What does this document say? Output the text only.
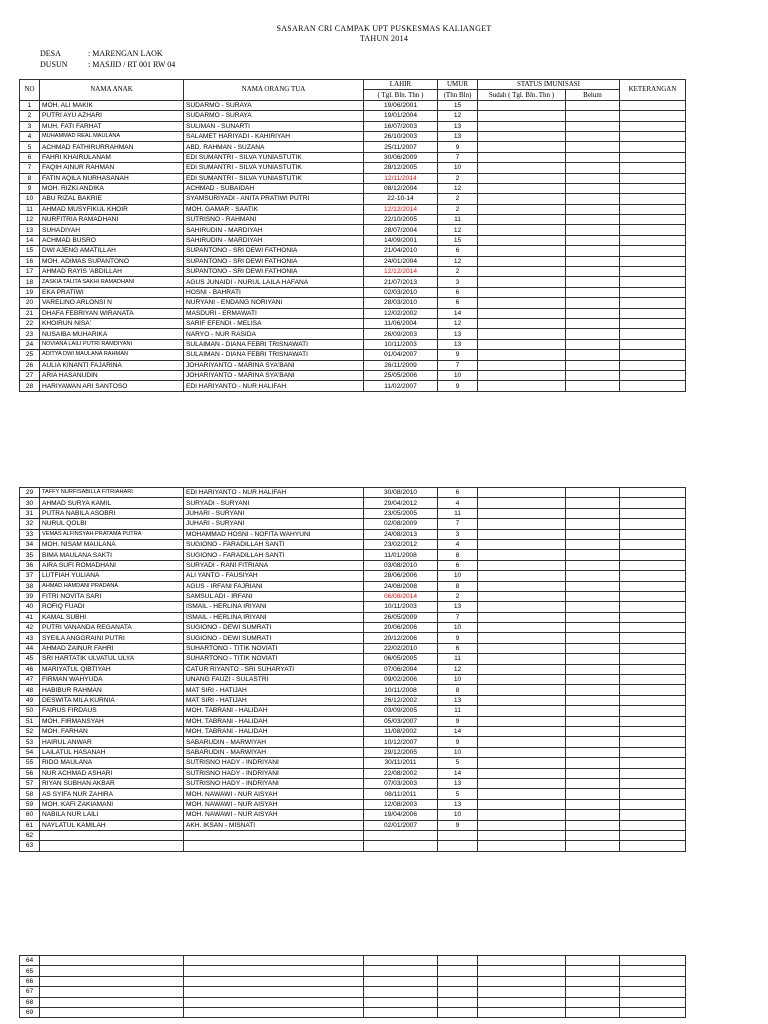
SASARAN CRI CAMPAK UPT PUSKESMAS KALIANGET
TAHUN 2014
DESA	: MARENGAN LAOK
DUSUN	: MASJID / RT 001 RW 04
NO	NAMA ANAK	NAMA ORANG TUA	LAHIR	UMUR	STATUS IMUNISASI		KETERANGAN
			( Tgl. Bln. Thn )	(Thn Bln)	Sudah ( Tgl. Bln. Thn )	Belum	
1	MOH. ALI MAKIK	SUDARMO - SURAYA	19/06/2001	15			
2	PUTRI AYU AZHARI	SUDARMO - SURAYA	19/01/2004	12			
3	MUH. FATI FARHAT	SULIMAN - SUNARTI	16/07/2003	13			
4	MUHAMMAD REAL MAULANA	SALAMET HARIYADI - KAHIRIYAH	26/10/2003	13			
5	ACHMAD FATHIRURRAHMAN	ABD. RAHMAN - SUZANA	25/11/2007	9			
6	FAHRI KHAIRULANAM	EDI SUMANTRI - SILVA YUNIASTUTIK	30/06/2009	7			
7	FAQIH AINUR RAHMAN	EDI SUMANTRI - SILVA YUNIASTUTIK	28/12/2005	10			
8	FATIN AQILA NURHASANAH	EDI SUMANTRI - SILVA YUNIASTUTIK	12/11/2014	2			
9	MOH. RIZKI ANDIKA	ACHMAD - SUBAIDAH	08/12/2004	12			
10	ABU RIZAL BAKRIE	SYAMSURIYADI - ANITA PRATIWI PUTRI	22-10-14	2			
11	AHMAD MUSYFIKUL KHOIR	MOH. GAMAR - SAATIK	12/12/2014	2			
12	NURFITRIA RAMADHANI	SUTRISNO - RAHMANI	22/10/2005	11			
13	SUHADIYAH	SAHIRUDIN - MARDIYAH	28/07/2004	12			
14	ACHMAD BUSRO	SAHIRUDIN - MARDIYAH	14/09/2001	15			
15	DWI AJENG AMATILLAH	SUPANTONO - SRI DEWI FATHONIA	21/04/2010	6			
16	MOH. ADIMAS SUPANTONO	SUPANTONO - SRI DEWI FATHONIA	24/01/2004	12			
17	AHMAD RAYIS 'ABDILLAH	SUPANTONO - SRI DEWI FATHONIA	12/12/2014	2			
18	ZASKIA TALITA SAKHI RAMADHANI	AGUS JUNAIDI - NURUL LAILA HAFANA	21/07/2013	3			
19	EKA PRATIWI	HOSNI - BAHRATI	02/03/2010	6			
20	VARELINO ARLONSI N	NURYANI - ENDANG NORIYANI	28/03/2010	6			
21	DHAFA FEBRIYAN WIRANATA	MASDURI - ERMAWATI	12/02/2002	14			
22	KHOIRUN NISA'	SARIF EFENDI - MELISA	11/06/2004	12			
23	NUSAIBA MUHARIKA	NARYO - NUR RASIDA	26/09/2003	13			
24	NOVIANA LAILI PUTRI RAMDIYANI	SULAIMAN - DIANA FEBRI TRISNAWATI	10/11/2003	13			
25	ADITYA DWI MAULANA RAHMAN	SULAIMAN - DIANA FEBRI TRISNAWATI	01/04/2007	9			
26	AULIA KINANTI FAJARINA	JOHARIYANTO - MARINA SYA'BANI	26/11/2009	7			
27	ARIA HASANUDIN	JOHARIYANTO - MARINA SYA'BANI	25/05/2006	10			
28	HARIYAWAN ARI SANTOSO	EDI HARIYANTO - NUR HALIFAH	11/02/2007	9			
29	TAFFY NURFISABILLA FITRIAHARI	EDI HARIYANTO - NUR HALIFAH	30/08/2010	6			
30	AHMAD SURYA KAMIL	SURYADI - SURYANI	29/04/2012	4			
31	PUTRA NABILA ASOBRI	JUHARI - SURYANI	23/05/2005	11			
32	NURUL QOLBI	JUHARI - SURYANI	02/08/2009	7			
33	VEMAS ALFINSYAH PRATAMA PUTRA	MOHAMMAD HOSNI - NOFITA WAHYUNI	24/08/2013	3			
34	MOH. NISAM MAULANA	SUGIONO - FARADILLAH SANTI	23/02/2012	4			
35	BIMA MAULANA SAKTI	SUGIONO - FARADILLAH SANTI	11/01/2008	8			
36	AIRA SUFI ROMADHANI	SURYADI - RANI FITRIANA	03/08/2010	6			
37	LUTFIAH YULIANA	ALI YANTO - FAUSIYAH	28/06/2006	10			
38	AHMAD HAMDANI PRADANA	AGUS - IRFANI FAJRIANI	24/08/2008	8			
39	FITRI NOVITA SARI	SAMSUL ADI - IRFANI	06/08/2014	2			
40	ROFIQ FUADI	ISMAIL - HERLINA IRIYANI	10/11/2003	13			
41	KAMAL SUBHI	ISMAIL - HERLINA IRIYANI	26/05/2009	7			
42	PUTRI VANANDA REGANATA	SUGIONO - DEWI SUMRATI	20/06/2006	10			
43	SYEILA ANGGRAINI PUTRI	SUGIONO - DEWI SUMRATI	20/12/2006	9			
44	AHMAD ZAINUR FAHRI	SUHARTONO - TITIK NOVIATI	22/02/2010	6			
45	SRI HARTATIK ULVATUL ULYA	SUHARTONO - TITIK NOVIATI	06/05/2005	11			
46	MARIYATUL QIBTIYAH	CATUR RIYANTO - SRI SUHARYATI	07/06/2004	12			
47	FIRMAN WAHYUDA	UNANG FAUZI - SULASTRI	09/02/2006	10			
48	HABIBUR RAHMAN	MAT SIRI - HATIJAH	10/11/2008	8			
49	DESWITA MILA KURNIA	MAT SIRI - HATIJAH	26/12/2002	13			
50	FAIRUS FIRDAUS	MOH. TABRANI - HALIDAH	03/09/2005	11			
51	MOH. FIRMANSYAH	MOH. TABRANI - HALIDAH	05/03/2007	9			
52	MOH. FARHAN	MOH. TABRANI - HALIDAH	11/08/2002	14			
53	HAIRUL ANWAR	SABARUDIN - MARWIYAH	10/12/2007	9			
54	LAILATUL HASANAH	SABARUDIN - MARWIYAH	29/12/2005	10			
55	RIDO MAULANA	SUTRISNO HADY - INDRIYANI	30/11/2011	5			
56	NUR ACHMAD ASHARI	SUTRISNO HADY - INDRIYANI	22/08/2002	14			
57	RIYAN SUBHAN AKBAR	SUTRISNO HADY - INDRIYANI	07/03/2003	13			
58	AS SYIFA NUR ZAHIRA	MOH. NAWAWI - NUR AISYAH	08/11/2011	5			
59	MOH. KAFI ZAKIAMANI	MOH. NAWAWI - NUR AISYAH	12/08/2003	13			
60	NABILA NUR LAILI	MOH. NAWAWI - NUR AISYAH	19/04/2006	10			
61	NAYLATUL KAMILAH	AKH. IKSAN - MISNATI	02/01/2007	9			
62							
63							
64							
65							
66							
67							
68							
69							
